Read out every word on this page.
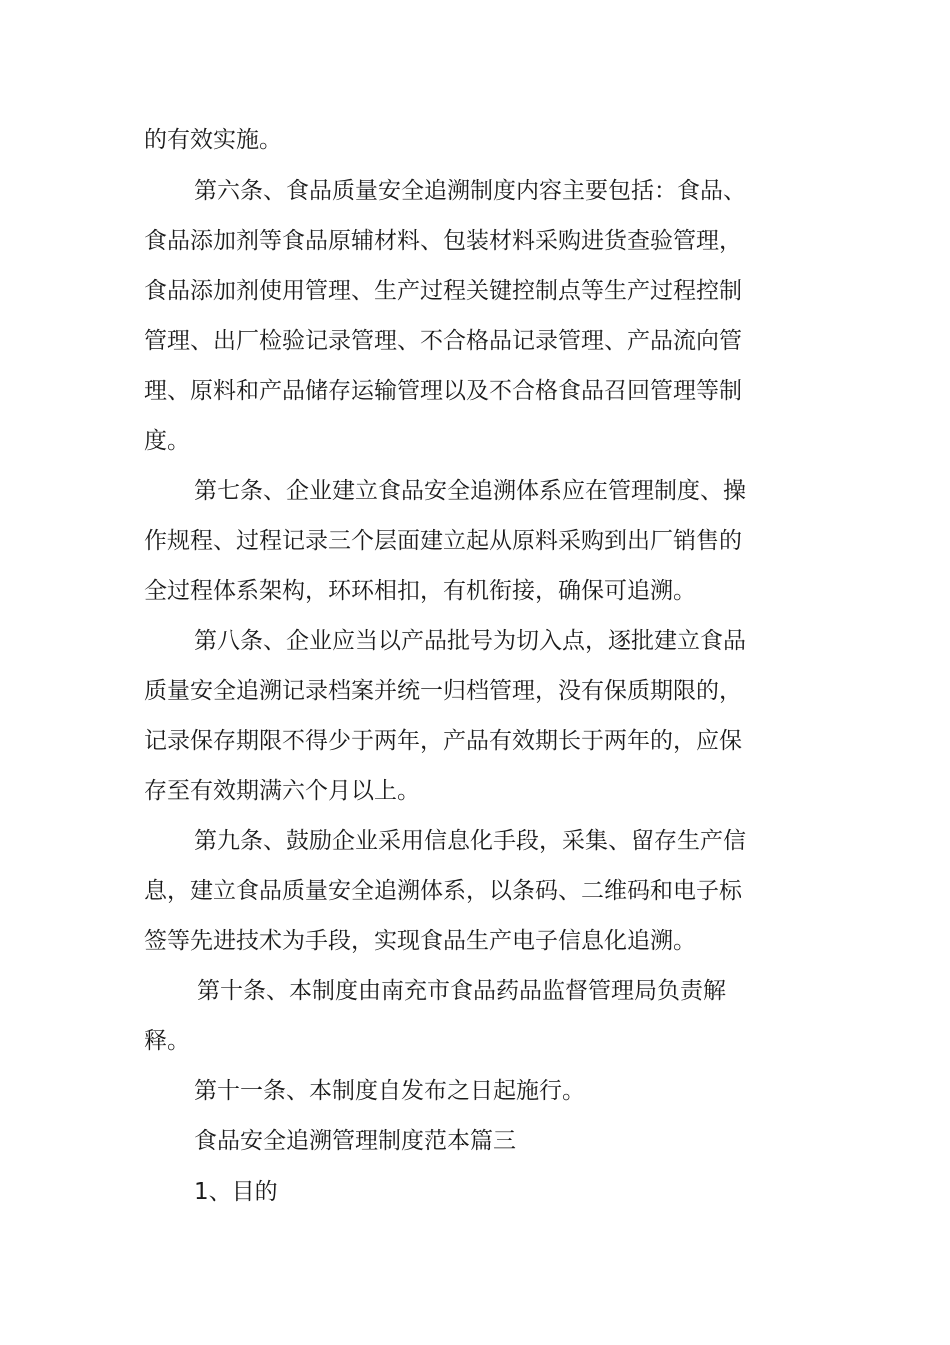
的有效实施。
第六条、食品质量安全追溯制度内容主要包括：食品、
食品添加剂等食品原辅材料、包装材料采购进货查验管理，
食品添加剂使用管理、生产过程关键控制点等生产过程控制
管理、出厂检验记录管理、不合格品记录管理、产品流向管
理、原料和产品储存运输管理以及不合格食品召回管理等制
度。
第七条、企业建立食品安全追溯体系应在管理制度、操
作规程、过程记录三个层面建立起从原料采购到出厂销售的
全过程体系架构，环环相扣，有机衔接，确保可追溯。
第八条、企业应当以产品批号为切入点，逐批建立食品
质量安全追溯记录档案并统一归档管理，没有保质期限的，
记录保存期限不得少于两年，产品有效期长于两年的，应保
存至有效期满六个月以上。
第九条、鼓励企业采用信息化手段，采集、留存生产信
息，建立食品质量安全追溯体系，以条码、二维码和电子标
签等先进技术为手段，实现食品生产电子信息化追溯。
第十条、本制度由南充市食品药品监督管理局负责解
释。
第十一条、本制度自发布之日起施行。
食品安全追溯管理制度范本篇三
1、目的
